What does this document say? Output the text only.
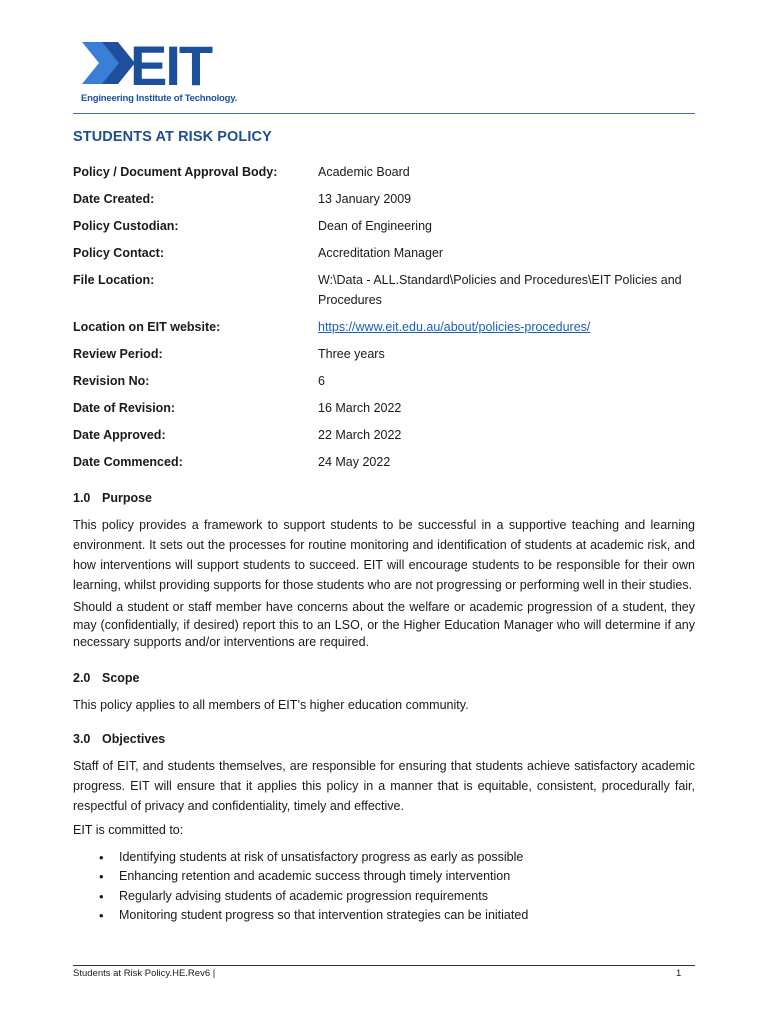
EIT
Engineering Institute of Technology.
STUDENTS AT RISK POLICY
Policy / Document Approval Body:	Academic Board
Date Created:	13 January 2009
Policy Custodian:	Dean of Engineering
Policy Contact:	Accreditation Manager
File Location:	W:\Data - ALL.Standard\Policies and Procedures\EIT Policies and Procedures
Location on EIT website:	https://www.eit.edu.au/about/policies-procedures/
Review Period:	Three years
Revision No:	6
Date of Revision:	16 March 2022
Date Approved:	22 March 2022
Date Commenced:	24 May 2022
1.0 Purpose

This policy provides a framework to support students to be successful in a supportive teaching and learning environment. It sets out the processes for routine monitoring and identification of students at academic risk, and how interventions will support students to succeed. EIT will encourage students to be responsible for their own learning, whilst providing supports for those students who are not progressing or performing well in their studies.

Should a student or staff member have concerns about the welfare or academic progression of a student, they may (confidentially, if desired) report this to an LSO, or the Higher Education Manager who will determine if any necessary supports and/or interventions are required.

2.0 Scope

This policy applies to all members of EIT’s higher education community.

3.0 Objectives

Staff of EIT, and students themselves, are responsible for ensuring that students achieve satisfactory academic progress. EIT will ensure that it applies this policy in a manner that is equitable, consistent, procedurally fair, respectful of privacy and confidentiality, timely and effective.

EIT is committed to:

• Identifying students at risk of unsatisfactory progress as early as possible
• Enhancing retention and academic success through timely intervention
• Regularly advising students of academic progression requirements
• Monitoring student progress so that intervention strategies can be initiated
Students at Risk Policy.HE.Rev6 |	1
